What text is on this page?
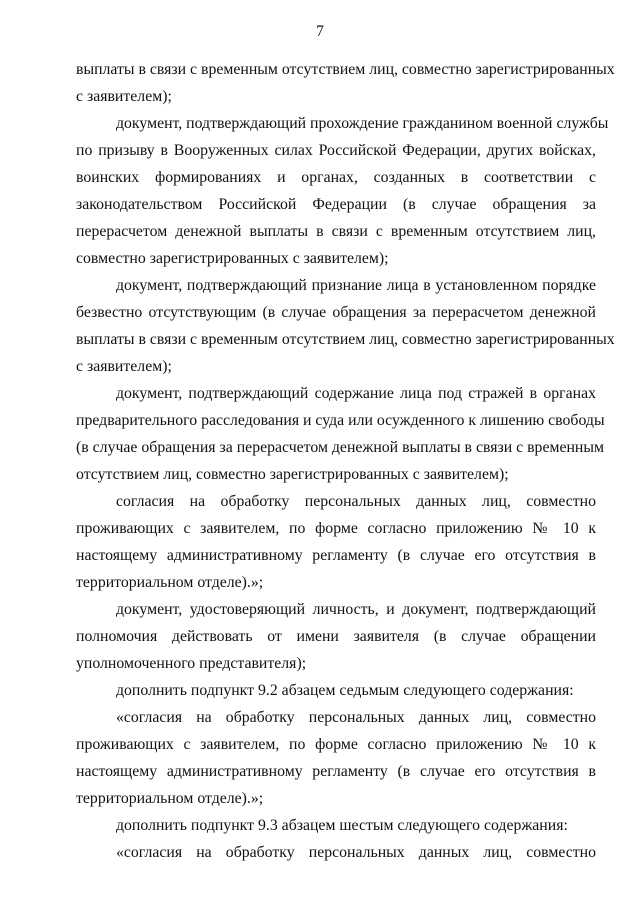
7

выплаты в связи с временным отсутствием лиц, совместно зарегистрированных
с заявителем);

документ, подтверждающий прохождение гражданином военной службы
по призыву в Вооруженных силах Российской Федерации, других войсках,
воинских формированиях и органах, созданных в соответствии с
законодательством Российской Федерации (в случае обращения за
перерасчетом денежной выплаты в связи с временным отсутствием лиц,
совместно зарегистрированных с заявителем);

документ, подтверждающий признание лица в установленном порядке
безвестно отсутствующим (в случае обращения за перерасчетом денежной
выплаты в связи с временным отсутствием лиц, совместно зарегистрированных
с заявителем);

документ, подтверждающий содержание лица под стражей в органах
предварительного расследования и суда или осужденного к лишению свободы
(в случае обращения за перерасчетом денежной выплаты в связи с временным
отсутствием лиц, совместно зарегистрированных с заявителем);

согласия на обработку персональных данных лиц, совместно
проживающих с заявителем, по форме согласно приложению № 10 к
настоящему административному регламенту (в случае его отсутствия в
территориальном отделе).»;

документ, удостоверяющий личность, и документ, подтверждающий
полномочия действовать от имени заявителя (в случае обращении
уполномоченного представителя);

дополнить подпункт 9.2 абзацем седьмым следующего содержания:

«согласия на обработку персональных данных лиц, совместно
проживающих с заявителем, по форме согласно приложению № 10 к
настоящему административному регламенту (в случае его отсутствия в
территориальном отделе).»;

дополнить подпункт 9.3 абзацем шестым следующего содержания:

«согласия на обработку персональных данных лиц, совместно
